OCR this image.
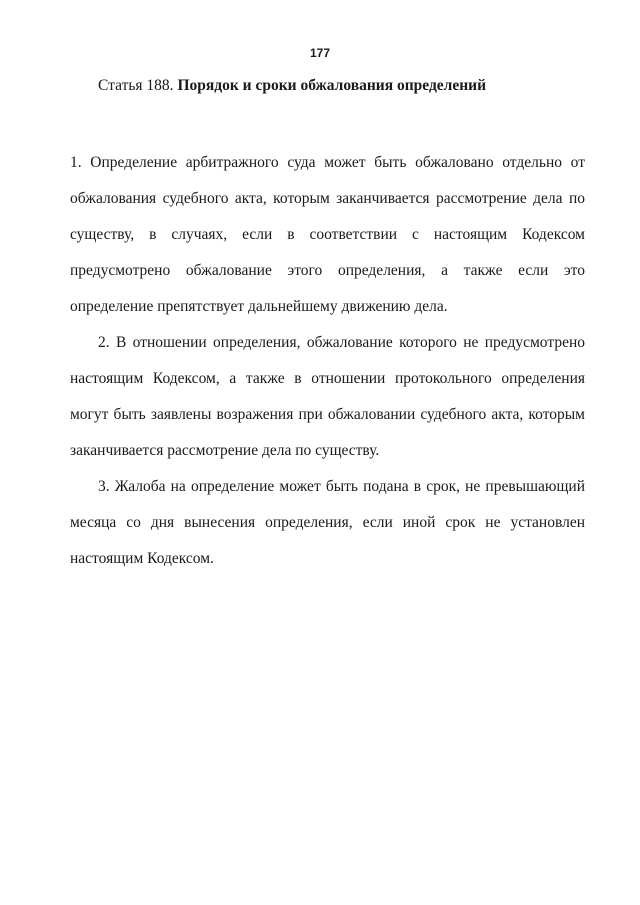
177
Статья 188. Порядок и сроки обжалования определений

1. Определение арбитражного суда может быть обжаловано отдельно от обжалования судебного акта, которым заканчивается рассмотрение дела по существу, в случаях, если в соответствии с настоящим Кодексом предусмотрено обжалование этого определения, а также если это определение препятствует дальнейшему движению дела.

2. В отношении определения, обжалование которого не предусмотрено настоящим Кодексом, а также в отношении протокольного определения могут быть заявлены возражения при обжаловании судебного акта, которым заканчивается рассмотрение дела по существу.

3. Жалоба на определение может быть подана в срок, не превышающий месяца со дня вынесения определения, если иной срок не установлен настоящим Кодексом.
